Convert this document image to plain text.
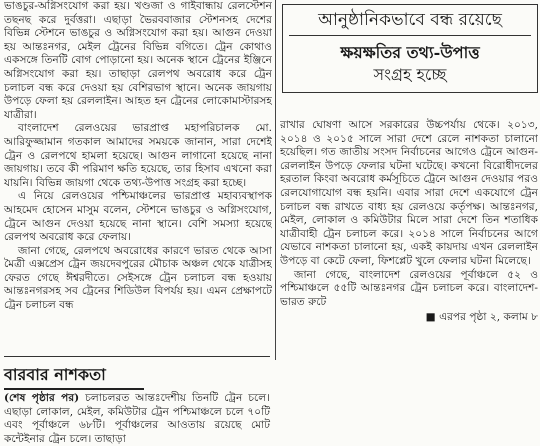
ভাঙচুর-অগ্নিসংযোগ করা হয়। খণ্ডজা ও গাইবান্ধায় রেলস্টেশন তছনছ করে দুর্বত্তরা। এছাড়া ভৈরববাজার স্টেশনসহ দেশের বিভিন্ন স্টেশনে ভাঙচুর ও অগ্নিসংযোগ করা হয়। আগুন দেওয়া হয় আন্তঃনগর, মেইল ট্রেনের বিভিন্ন বগিতে। ট্রেন কোথাও একসঙ্গে তিনটি বোগ পোড়ানো হয়। অনেক স্থানে ট্রেনের ইঞ্জিনে অগ্নিসংযোগ করা হয়। তাছাড়া রেলপথ অবরোধ করে ট্রেন চলাচল বন্ধ করে দেওয়া হয় বেশিরভাগ স্থানে। অনেক জায়গায় উপড়ে ফেলা হয় রেললাইন। আহত হন ট্রেনের লোকোমাস্টারসহ যাত্রীরা।

বাংলাদেশ রেলওয়ের ভারপ্রাপ্ত মহাপরিচালক মো. আরিফুজ্জামান গতকাল আমাদের সময়কে জানান, সারা দেশেই ট্রেন ও রেলপথে হামলা হয়েছে। আগুন লাগানো হয়েছে নানা জায়গায়। তবে কী পরিমাণ ক্ষতি হয়েছে, তার হিসাব এখনো করা যায়নি। বিভিন্ন জায়গা থেকে তথ্য-উপাত্ত সংগ্রহ করা হচ্ছে।

এ নিয়ে রেলওয়ের পশ্চিমাঞ্চলের ভারপ্রাপ্ত মহাব্যবস্থাপক আহমেদ হোসেন মাসুম বলেন, স্টেশনে ভাঙচুর ও অগ্নিসংযোগ, ট্রেনে আগুন দেওয়া হয়েছে নানা স্থানে। বেশি সমস্যা হয়েছে রেলপথ অবরোধ করে ফেলায়।

জানা গেছে, রেলপথে অবরোধের কারণে ভারত থেকে আসা মৈত্রী এক্সপ্রেস ট্রেন জয়দেবপুরের মৌচাক অঞ্চল থেকে যাত্রীসহ ফেরত গেছে ঈশ্বরদীতে। সেইসঙ্গে ট্রেন চলাচল বন্ধ হওয়ায় আন্তঃনগরসহ সব ট্রেনের শিডিউল বিপর্যয় হয়। এমন প্রেক্ষাপটে ট্রেন চলাচল বন্ধ

আনুষ্ঠানিকভাবে বন্ধ রয়েছে

ক্ষয়ক্ষতির তথ্য-উপাত্ত

সংগ্রহ হচ্ছে

রাখার ঘোষণা আসে সরকারের উচ্চপর্যায় থেকে। ২০১৩, ২০১৪ ও ২০১৫ সালে সারা দেশে রেলে নাশকতা চালানো হয়েছিল। গত জাতীয় সংসদ নির্বাচনের আগেও ট্রেনে আগুন-রেললাইন উপড়ে ফেলার ঘটনা ঘটেছে। কখনো বিরোধীদলের হরতাল কিংবা অবরোধ কর্মসূচিতে ট্রেনে আগুন দেওয়ার পরও রেলযোগাযোগ বন্ধ হয়নি। এবার সারা দেশে একযোগে ট্রেন চলাচল বন্ধ রাখতে বাধ্য হয় রেলওয়ে কর্তৃপক্ষ। আন্তঃনগর, মেইল, লোকাল ও কমিউটার মিলে সারা দেশে তিন শতাধিক যাত্রীবাহী ট্রেন চলাচল করে। ২০১৪ সালে নির্বাচনের আগে যেভাবে নাশকতা চালানো হয়, একই কায়দায় এখন রেললাইন উপড়ে বা কেটে ফেলা, ফিশপ্লেট খুলে ফেলার ঘটনা মিলেছে।

জানা গেছে, বাংলাদেশ রেলওয়ের পূর্বাঞ্চলে ৫২ ও পশ্চিমাঞ্চলে ৫৫টি আন্তঃনগর ট্রেন চলাচল করে। বাংলাদেশ-ভারত রুটে

■ এরপর পৃষ্ঠা ২, কলাম ৮

বারবার নাশকতা

(শেষ পৃষ্ঠার পর) চলাচলরত আন্তঃদেশীয় তিনটি ট্রেন চলে। এছাড়া লোকাল, মেইল, কমিউটার ট্রেন পশ্চিমাঞ্চলে চলে ৭০টি এবং পূর্বাঞ্চলে ৬৮টি। পূর্বাঞ্চলের আওতায় রয়েছে মোট কন্টেইনার ট্রেন চলে। তাছাড়া
